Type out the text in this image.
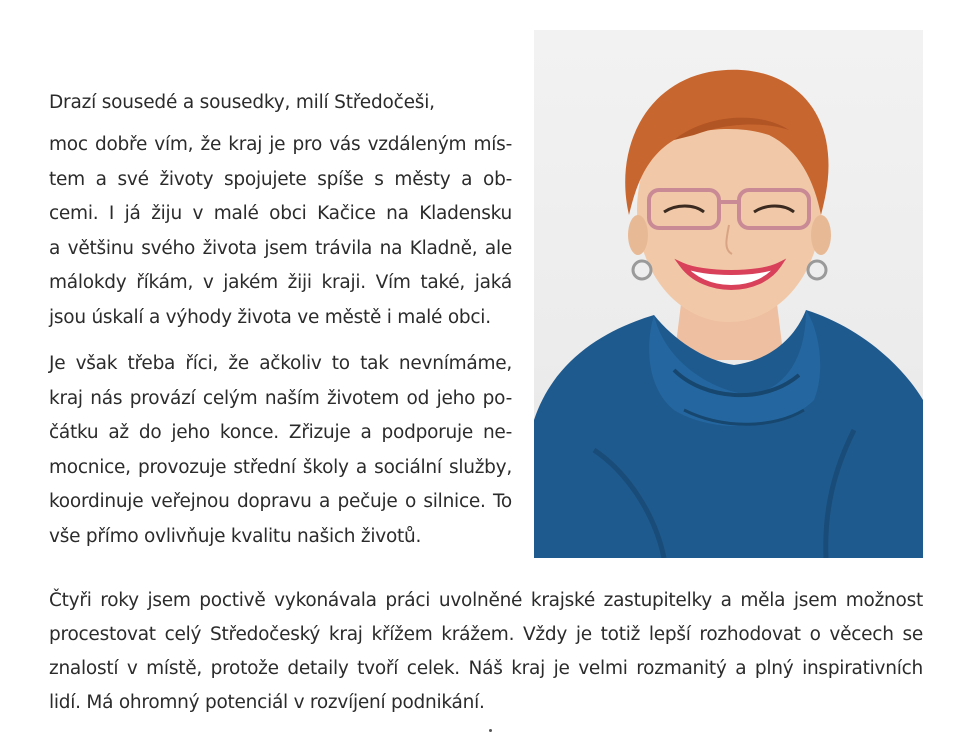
Drazí sousedé a sousedky, milí Středočeši,

moc dobře vím, že kraj je pro vás vzdáleným mís-
tem a své životy spojujete spíše s městy a ob-
cemi. I já žiju v malé obci Kačice na Kladensku
a většinu svého života jsem trávila na Kladně, ale
málokdy říkám, v jakém žiji kraji. Vím také, jaká
jsou úskalí a výhody života ve městě i malé obci.

Je však třeba říci, že ačkoliv to tak nevnímáme,
kraj nás provází celým naším životem od jeho po-
čátku až do jeho konce. Zřizuje a podporuje ne-
mocnice, provozuje střední školy a sociální služby,
koordinuje veřejnou dopravu a pečuje o silnice. To
vše přímo ovlivňuje kvalitu našich životů.

Čtyři roky jsem poctivě vykonávala práci uvolněné krajské zastupitelky a měla jsem možnost
procestovat celý Středočeský kraj křížem krážem. Vždy je totiž lepší rozhodovat o věcech se
znalostí v místě, protože detaily tvoří celek. Náš kraj je velmi rozmanitý a plný inspirativních
lidí. Má ohromný potenciál v rozvíjení podnikání.
